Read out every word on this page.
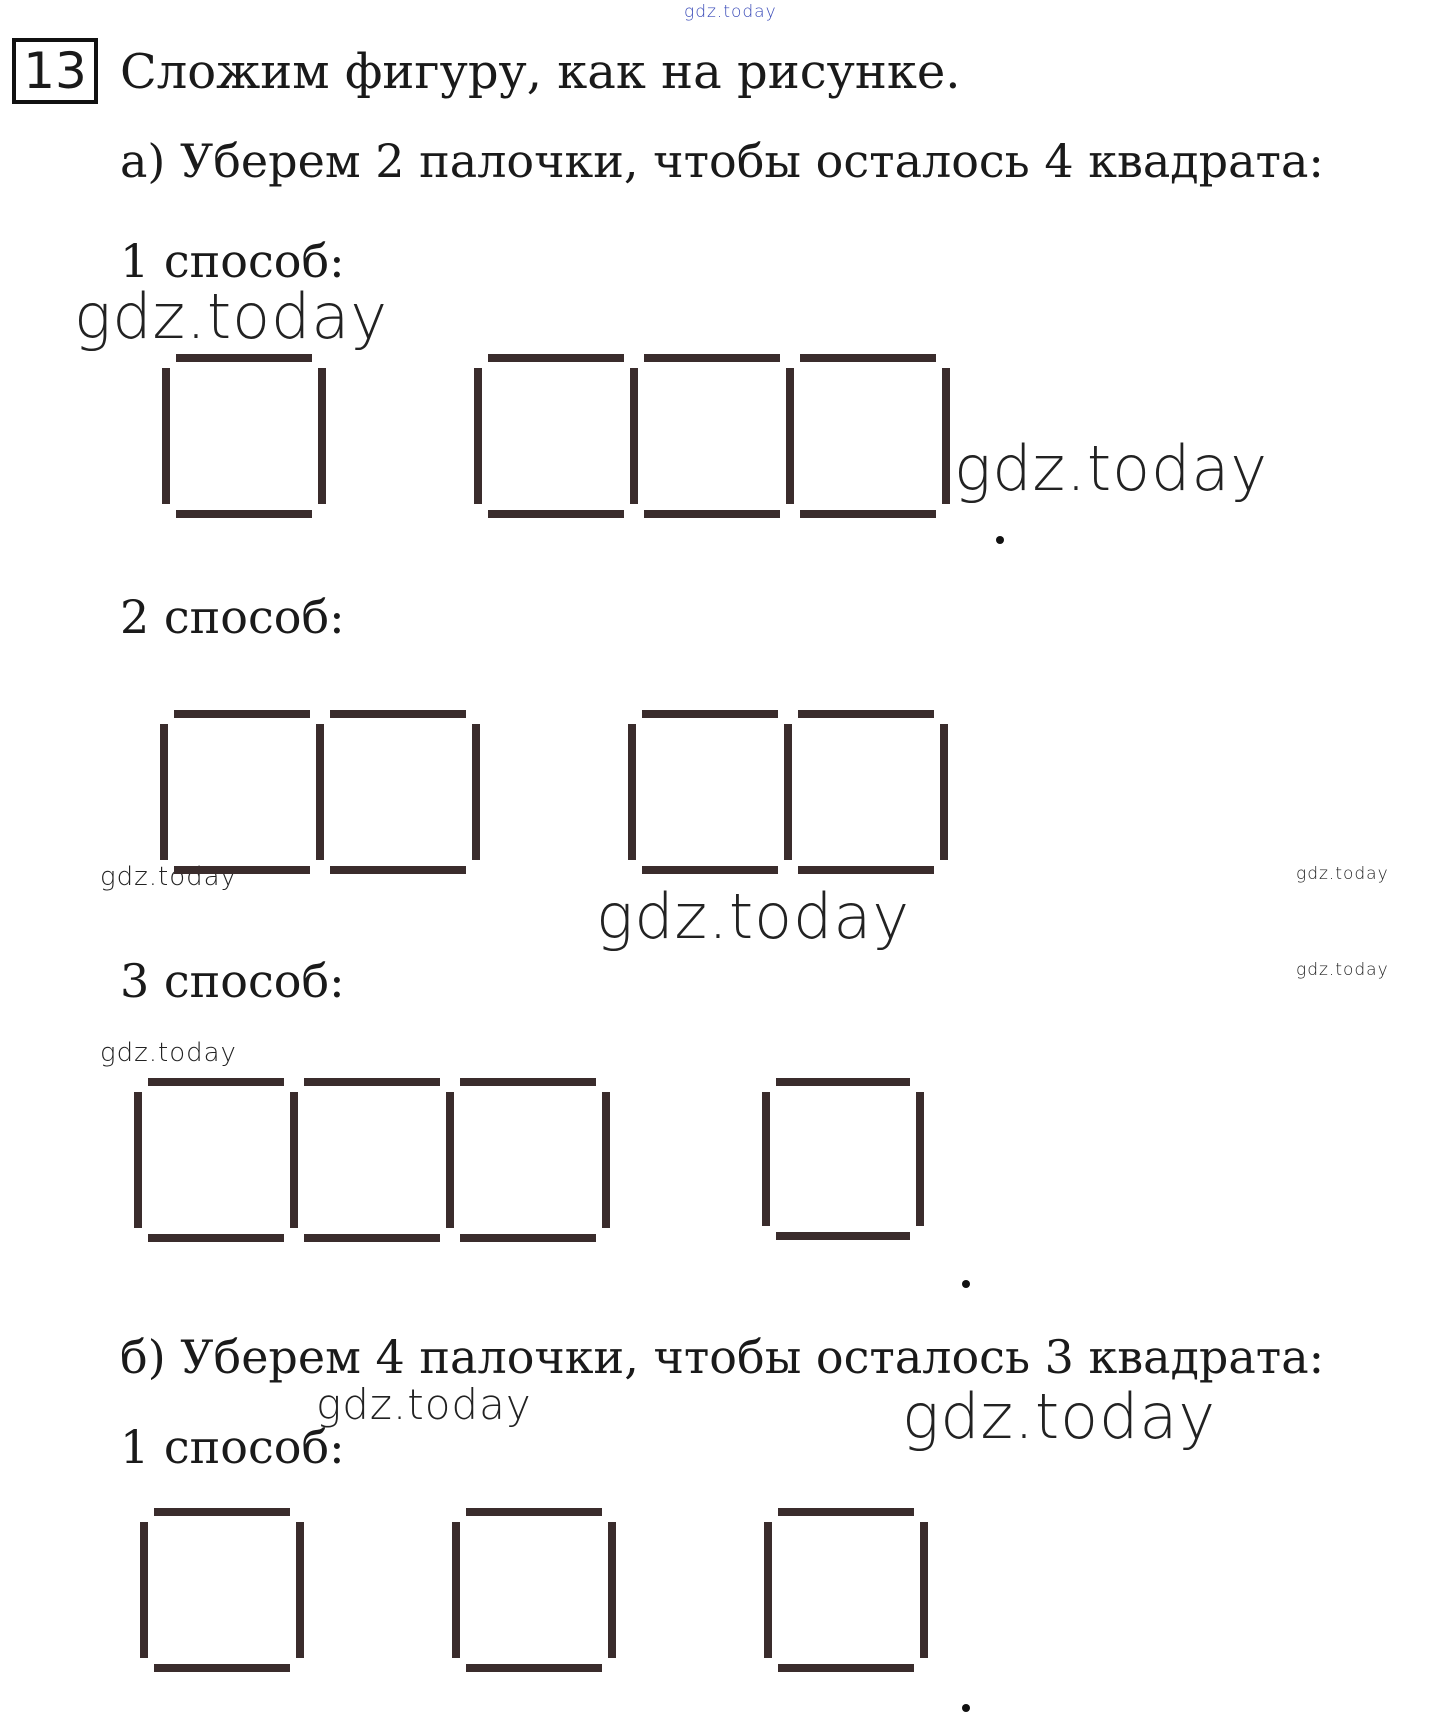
13 Сложим фигуру, как на рисунке.
а) Уберем 2 палочки, чтобы осталось 4 квадрата:
1 способ:
2 способ:
3 способ:
б) Уберем 4 палочки, чтобы осталось 3 квадрата:
1 способ:
gdz.today
gdz.today
gdz.today
gdz.today
gdz.today
gdz.today
gdz.today
gdz.today
gdz.today	gdz.today
